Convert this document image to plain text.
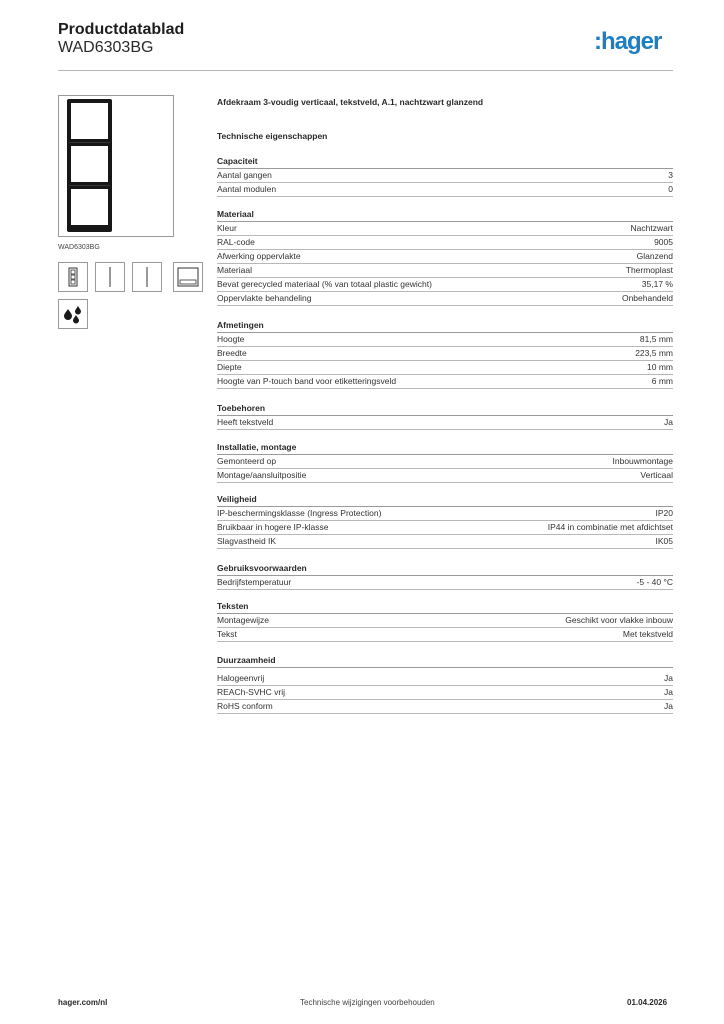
Productdatablad
WAD6303BG	:hager
WAD6303BG
Afdekraam 3-voudig verticaal, tekstveld, A.1, nachtzwart glanzend
Technische eigenschappen
Capaciteit
Aantal gangen	3
Aantal modulen	0
Materiaal
Kleur	Nachtzwart
RAL-code	9005
Afwerking oppervlakte	Glanzend
Materiaal	Thermoplast
Bevat gerecycled materiaal (% van totaal plastic gewicht)	35,17 %
Oppervlakte behandeling	Onbehandeld
Afmetingen
Hoogte	81,5 mm
Breedte	223,5 mm
Diepte	10 mm
Hoogte van P-touch band voor etiketteringsveld	6 mm
Toebehoren
Heeft tekstveld	Ja
Installatie, montage
Gemonteerd op	Inbouwmontage
Montage/aansluitpositie	Verticaal
Veiligheid
IP-beschermingsklasse (Ingress Protection)	IP20
Bruikbaar in hogere IP-klasse	IP44 in combinatie met afdichtset
Slagvastheid IK	IK05
Gebruiksvoorwaarden
Bedrijfstemperatuur	-5 - 40 °C
Teksten
Montagewijze	Geschikt voor vlakke inbouw
Tekst	Met tekstveld
Duurzaamheid
Halogeenvrij	Ja
REACh-SVHC vrij	Ja
RoHS conform	Ja
hager.com/nl	Technische wijzigingen voorbehouden	01.04.2026
